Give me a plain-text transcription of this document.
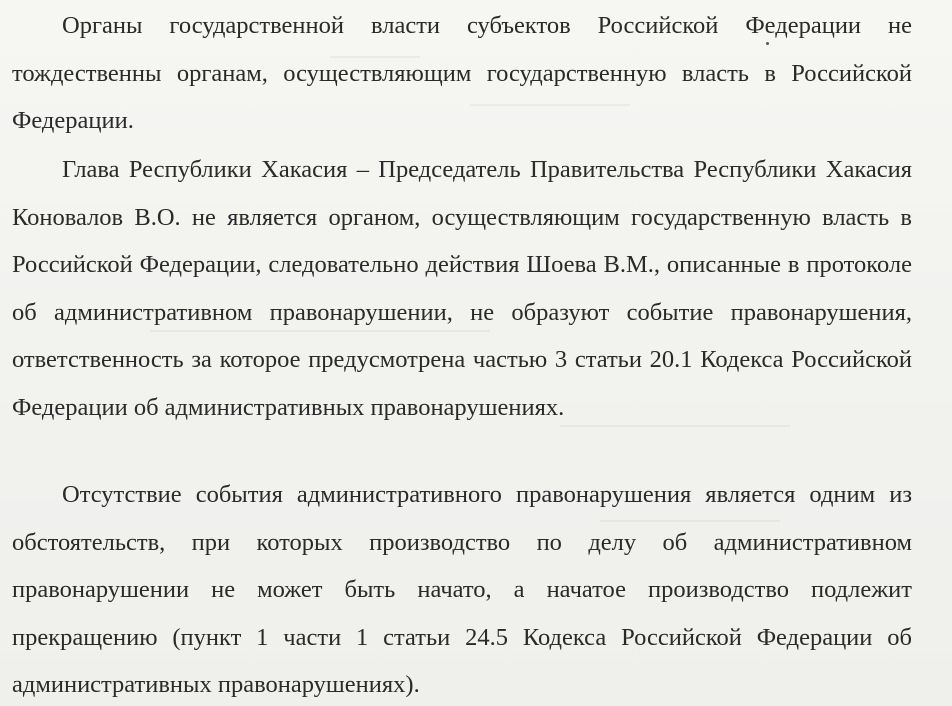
Органы государственной власти субъектов Российской Федерации не тождественны органам, осуществляющим государственную власть в Российской Федерации.

Глава Республики Хакасия – Председатель Правительства Республики Хакасия Коновалов В.О. не является органом, осуществляющим государственную власть в Российской Федерации, следовательно действия Шоева В.М., описанные в протоколе об административном правонарушении, не образуют событие правонарушения, ответственность за которое предусмотрена частью 3 статьи 20.1 Кодекса Российской Федерации об административных правонарушениях.

Отсутствие события административного правонарушения является одним из обстоятельств, при которых производство по делу об административном правонарушении не может быть начато, а начатое производство подлежит прекращению (пункт 1 части 1 статьи 24.5 Кодекса Российской Федерации об административных правонарушениях).
